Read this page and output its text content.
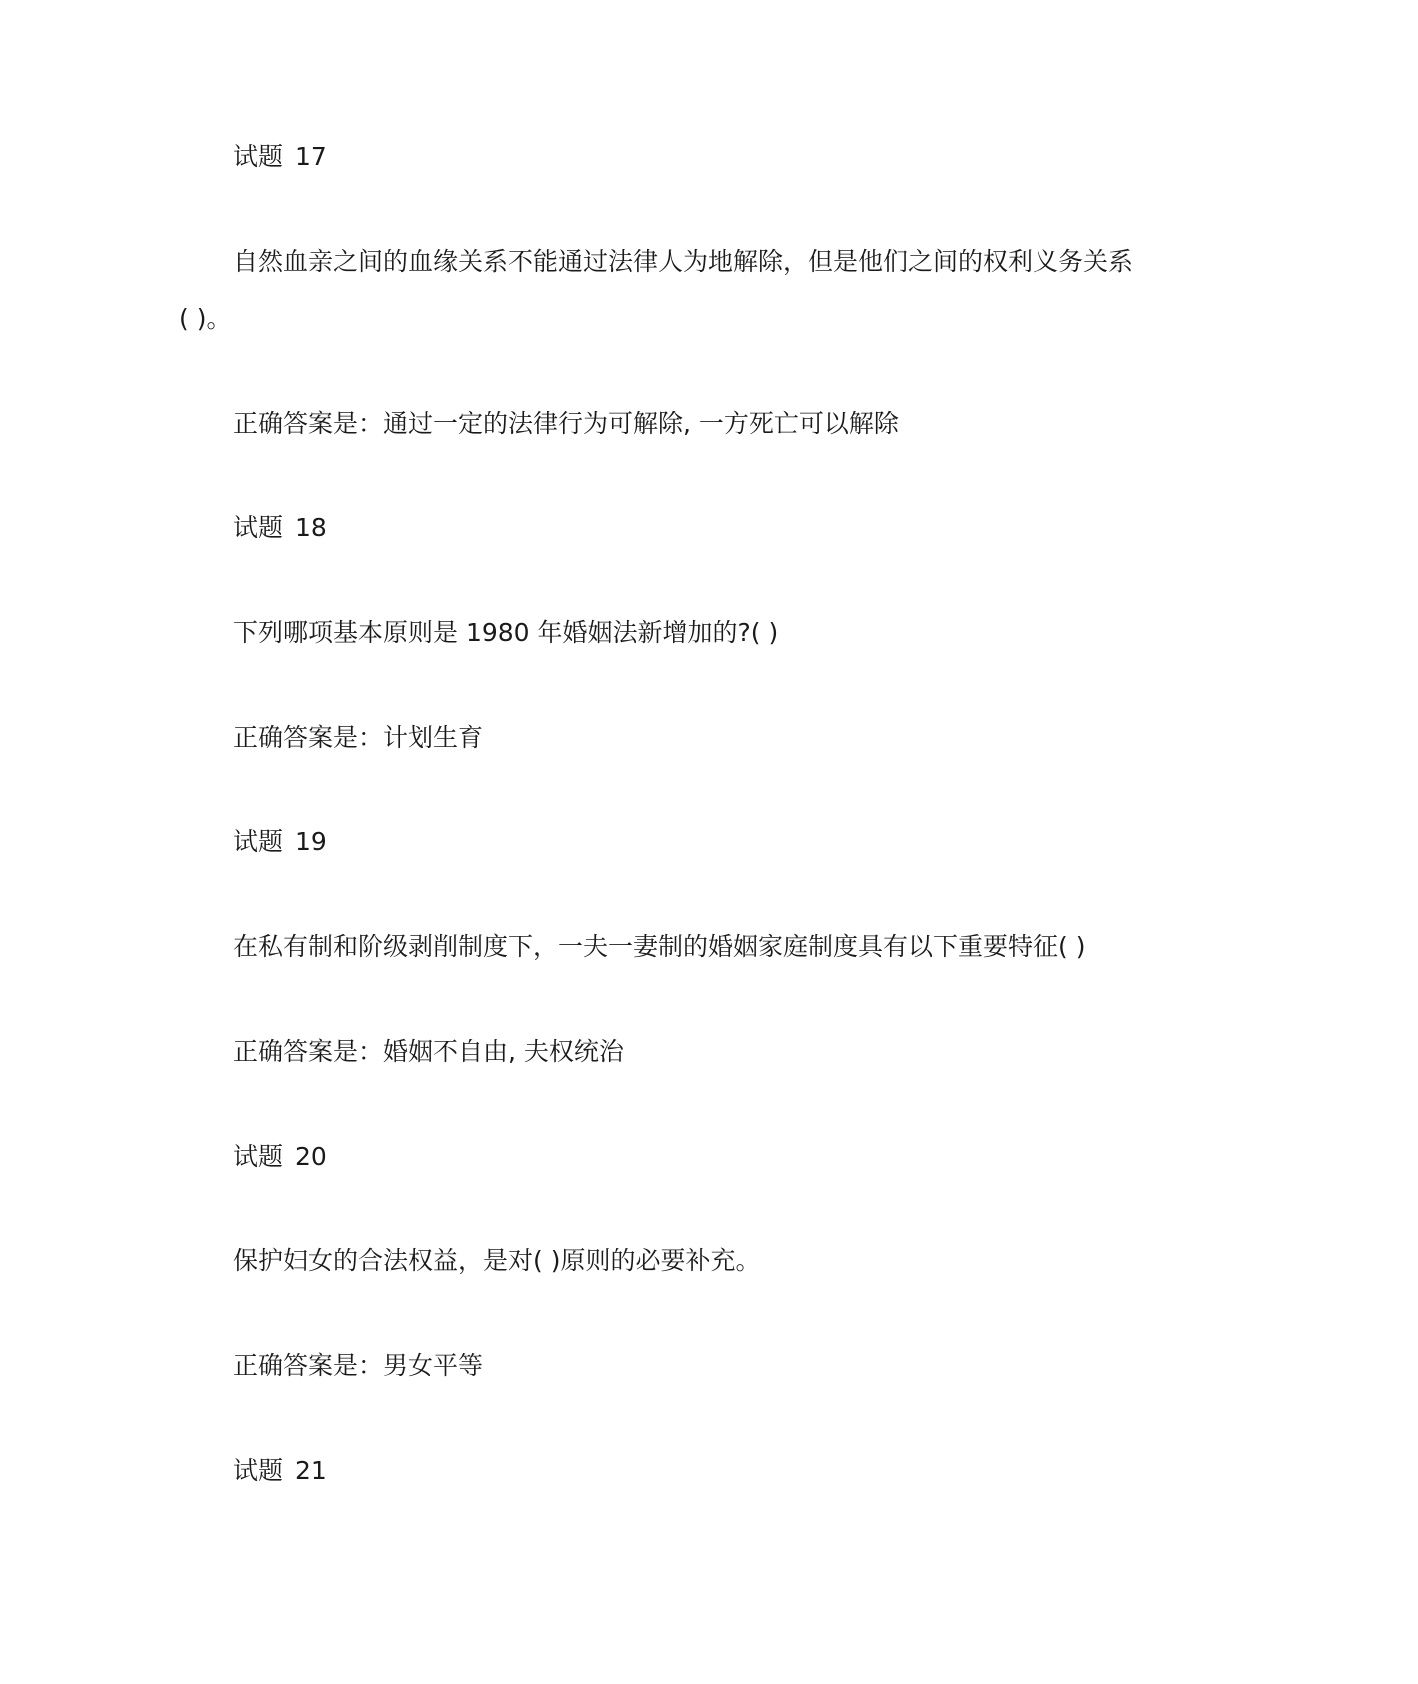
试题 17

自然血亲之间的血缘关系不能通过法律人为地解除，但是他们之间的权利义务关系

( )。

正确答案是：通过一定的法律行为可解除, 一方死亡可以解除

试题 18

下列哪项基本原则是 1980 年婚姻法新增加的?( )

正确答案是：计划生育

试题 19

在私有制和阶级剥削制度下，一夫一妻制的婚姻家庭制度具有以下重要特征( )

正确答案是：婚姻不自由, 夫权统治

试题 20

保护妇女的合法权益，是对( )原则的必要补充。

正确答案是：男女平等

试题 21
